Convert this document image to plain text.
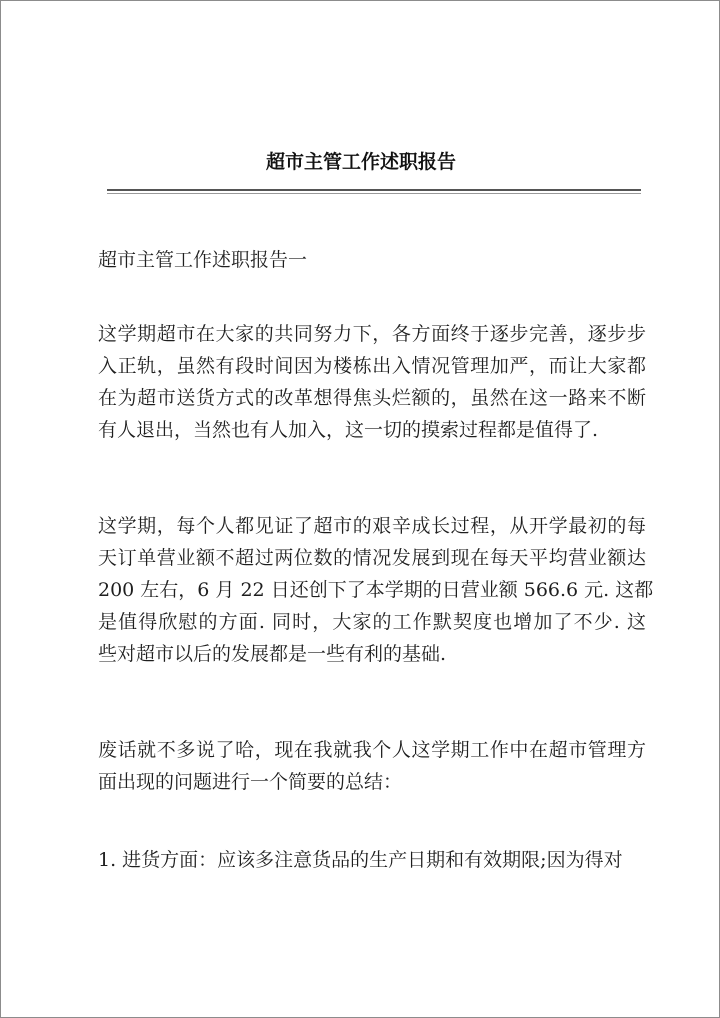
超市主管工作述职报告
超市主管工作述职报告一
这学期超市在大家的共同努力下，各方面终于逐步完善，逐步步
入正轨，虽然有段时间因为楼栋出入情况管理加严，而让大家都
在为超市送货方式的改革想得焦头烂额的，虽然在这一路来不断
有人退出，当然也有人加入，这一切的摸索过程都是值得了.
这学期，每个人都见证了超市的艰辛成长过程，从开学最初的每
天订单营业额不超过两位数的情况发展到现在每天平均营业额达
200 左右，6 月 22 日还创下了本学期的日营业额 566.6 元. 这都
是值得欣慰的方面. 同时，大家的工作默契度也增加了不少. 这
些对超市以后的发展都是一些有利的基础.
废话就不多说了哈，现在我就我个人这学期工作中在超市管理方
面出现的问题进行一个简要的总结：
1. 进货方面：应该多注意货品的生产日期和有效期限;因为得对
